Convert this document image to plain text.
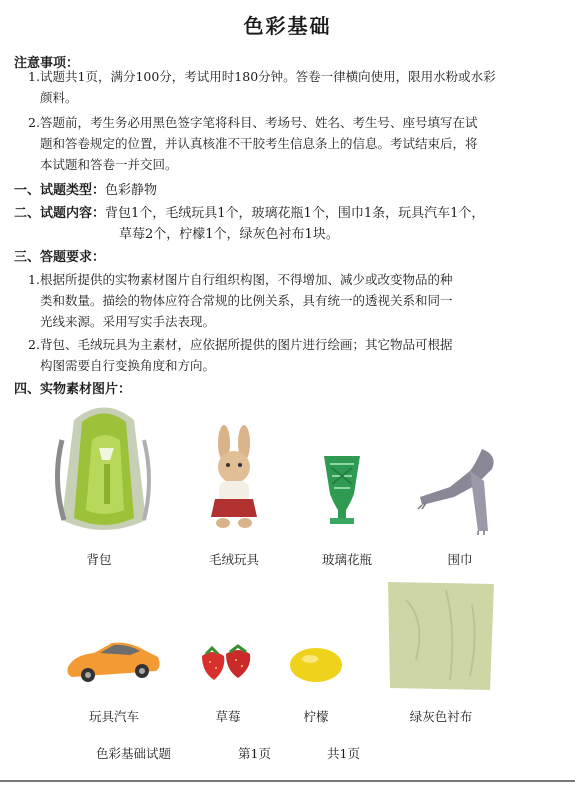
色彩基础
注意事项：
1. 试题共1页，满分100分，考试用时180分钟。答卷一律横向使用，限用水粉或水彩
颜料。
2. 答题前，考生务必用黑色签字笔将科目、考场号、姓名、考生号、座号填写在试
题和答卷规定的位置，并认真核准不干胶考生信息条上的信息。考试结束后，将
本试题和答卷一并交回。
一、试题类型：色彩静物
二、试题内容：背包1个，毛绒玩具1个，玻璃花瓶1个，围巾1条，玩具汽车1个，
草莓2个，柠檬1个，绿灰色衬布1块。
三、答题要求：
1. 根据所提供的实物素材图片自行组织构图，不得增加、减少或改变物品的种
类和数量。描绘的物体应符合常规的比例关系，具有统一的透视关系和同一
光线来源。采用写实手法表现。
2. 背包、毛绒玩具为主素材，应依据所提供的图片进行绘画；其它物品可根据
构图需要自行变换角度和方向。
四、实物素材图片：
背包	毛绒玩具	玻璃花瓶	围巾
玩具汽车	草莓	柠檬	绿灰色衬布
色彩基础试题	第1页	共1页
